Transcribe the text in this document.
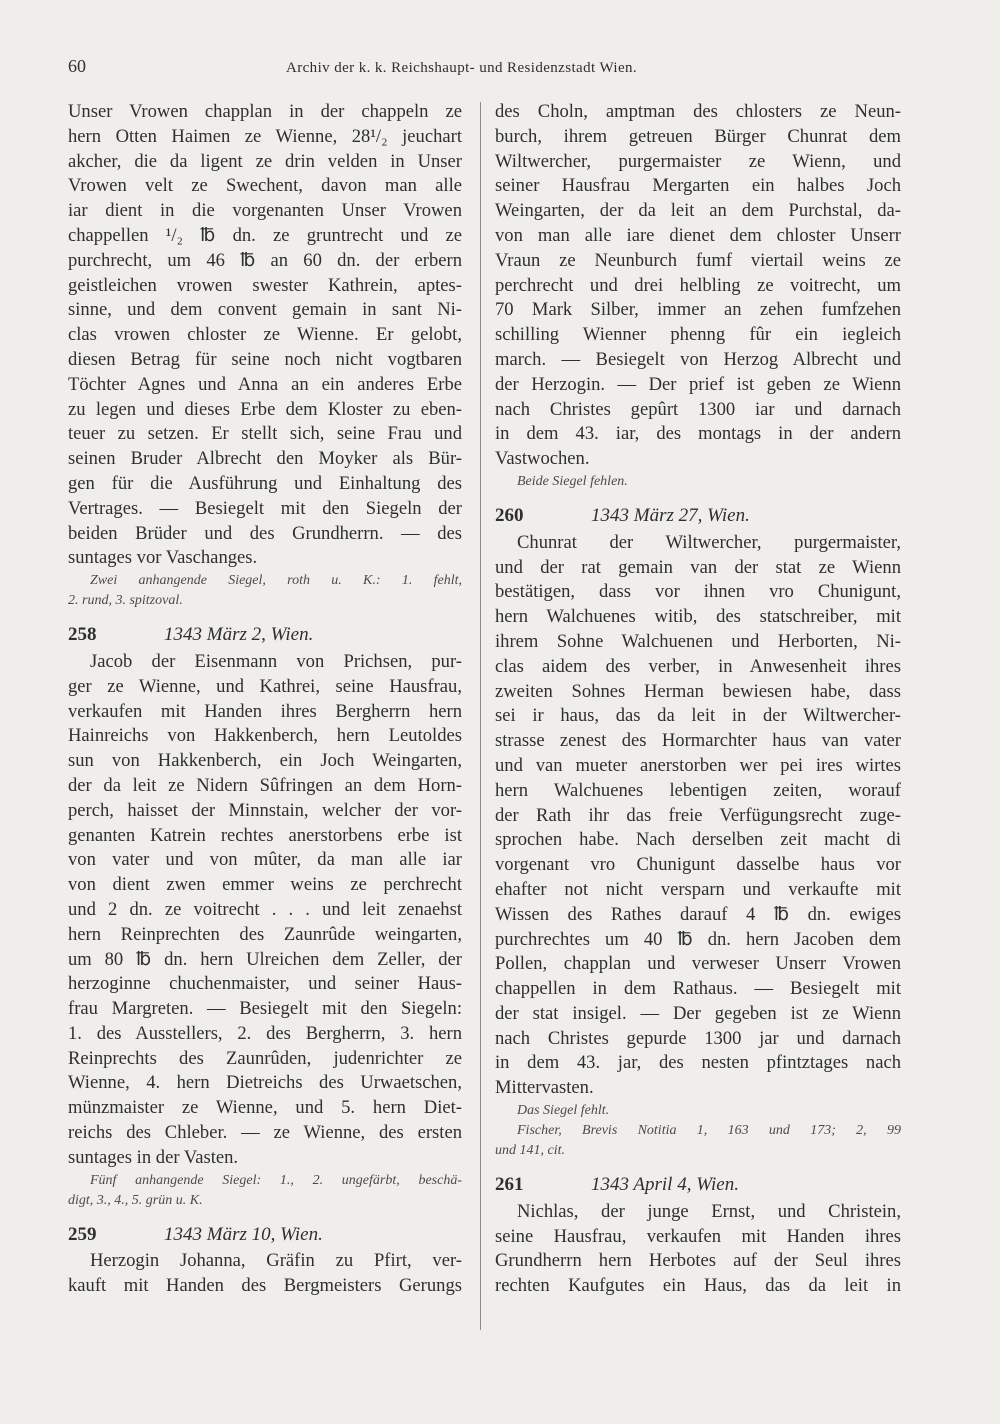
60	Archiv der k. k. Reichshaupt- und Residenzstadt Wien.
Unser Vrowen chapplan in der chappeln ze
hern Otten Haimen ze Wienne, 28¹/₂ jeuchart
akcher, die da ligent ze drin velden in Unser
Vrowen velt ze Swechent, davon man alle
iar dient in die vorgenanten Unser Vrowen
chappellen ¹/₂ ℔ dn. ze gruntrecht und ze
purchrecht, um 46 ℔ an 60 dn. der erbern
geistleichen vrowen swester Kathrein, aptes-
sinne, und dem convent gemain in sant Ni-
clas vrowen chloster ze Wienne. Er gelobt,
diesen Betrag für seine noch nicht vogtbaren
Töchter Agnes und Anna an ein anderes Erbe
zu legen und dieses Erbe dem Kloster zu eben-
teuer zu setzen. Er stellt sich, seine Frau und
seinen Bruder Albrecht den Moyker als Bür-
gen für die Ausführung und Einhaltung des
Vertrages. — Besiegelt mit den Siegeln der
beiden Brüder und des Grundherrn. — des
suntages vor Vaschanges.
Zwei anhangende Siegel, roth u. K.: 1. fehlt,
2. rund, 3. spitzoval.
258	1343 März 2, Wien.
Jacob der Eisenmann von Prichsen, pur-
ger ze Wienne, und Kathrei, seine Hausfrau,
verkaufen mit Handen ihres Bergherrn hern
Hainreichs von Hakkenberch, hern Leutoldes
sun von Hakkenberch, ein Joch Weingarten,
der da leit ze Nidern Sûfringen an dem Horn-
perch, haisset der Minnstain, welcher der vor-
genanten Katrein rechtes anerstorbens erbe ist
von vater und von mûter, da man alle iar
von dient zwen emmer weins ze perchrecht
und 2 dn. ze voitrecht . . . und leit zenaehst
hern Reinprechten des Zaunrûde weingarten,
um 80 ℔ dn. hern Ulreichen dem Zeller, der
herzoginne chuchenmaister, und seiner Haus-
frau Margreten. — Besiegelt mit den Siegeln:
1. des Ausstellers, 2. des Bergherrn, 3. hern
Reinprechts des Zaunrûden, judenrichter ze
Wienne, 4. hern Dietreichs des Urwaetschen,
münzmaister ze Wienne, und 5. hern Diet-
reichs des Chleber. — ze Wienne, des ersten
suntages in der Vasten.
Fünf anhangende Siegel: 1., 2. ungefärbt, beschä-
digt, 3., 4., 5. grün u. K.
259	1343 März 10, Wien.
Herzogin Johanna, Gräfin zu Pfirt, ver-
kauft mit Handen des Bergmeisters Gerungs
des Choln, amptman des chlosters ze Neun-
burch, ihrem getreuen Bürger Chunrat dem
Wiltwercher, purgermaister ze Wienn, und
seiner Hausfrau Mergarten ein halbes Joch
Weingarten, der da leit an dem Purchstal, da-
von man alle iare dienet dem chloster Unserr
Vraun ze Neunburch fumf viertail weins ze
perchrecht und drei helbling ze voitrecht, um
70 Mark Silber, immer an zehen fumfzehen
schilling Wienner phenng fûr ein iegleich
march. — Besiegelt von Herzog Albrecht und
der Herzogin. — Der prief ist geben ze Wienn
nach Christes gepûrt 1300 iar und darnach
in dem 43. iar, des montags in der andern
Vastwochen.
Beide Siegel fehlen.
260	1343 März 27, Wien.
Chunrat der Wiltwercher, purgermaister,
und der rat gemain van der stat ze Wienn
bestätigen, dass vor ihnen vro Chunigunt,
hern Walchuenes witib, des statschreiber, mit
ihrem Sohne Walchuenen und Herborten, Ni-
clas aidem des verber, in Anwesenheit ihres
zweiten Sohnes Herman bewiesen habe, dass
sei ir haus, das da leit in der Wiltwercher-
strasse zenest des Hormarchter haus van vater
und van mueter anerstorben wer pei ires wirtes
hern Walchuenes lebentigen zeiten, worauf
der Rath ihr das freie Verfügungsrecht zuge-
sprochen habe. Nach derselben zeit macht di
vorgenant vro Chunigunt dasselbe haus vor
ehafter not nicht versparn und verkaufte mit
Wissen des Rathes darauf 4 ℔ dn. ewiges
purchrechtes um 40 ℔ dn. hern Jacoben dem
Pollen, chapplan und verweser Unserr Vrowen
chappellen in dem Rathaus. — Besiegelt mit
der stat insigel. — Der gegeben ist ze Wienn
nach Christes gepurde 1300 jar und darnach
in dem 43. jar, des nesten pfintztages nach
Mittervasten.
Das Siegel fehlt.
Fischer, Brevis Notitia 1, 163 und 173; 2, 99
und 141, cit.
261	1343 April 4, Wien.
Nichlas, der junge Ernst, und Christein,
seine Hausfrau, verkaufen mit Handen ihres
Grundherrn hern Herbotes auf der Seul ihres
rechten Kaufgutes ein Haus, das da leit in
